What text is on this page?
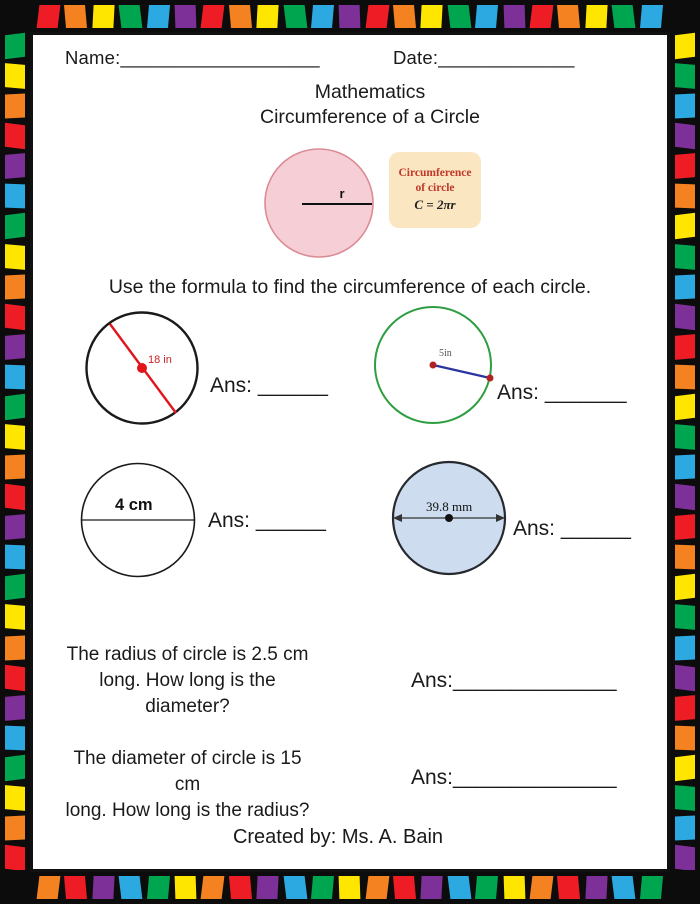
Name:___________________	Date:_____________
Mathematics
Circumference of a Circle
r
Circumference
of circle
C = 2πr
Use the formula to find the circumference of each circle.
18 in
Ans: ______
5in
Ans: _______
4 cm
Ans: ______
39.8 mm
Ans: ______
The radius of circle is 2.5 cm
long. How long is the diameter?
Ans:______________
The diameter of circle is 15 cm
long. How long is the radius?
Ans:______________
Created by: Ms. A. Bain
